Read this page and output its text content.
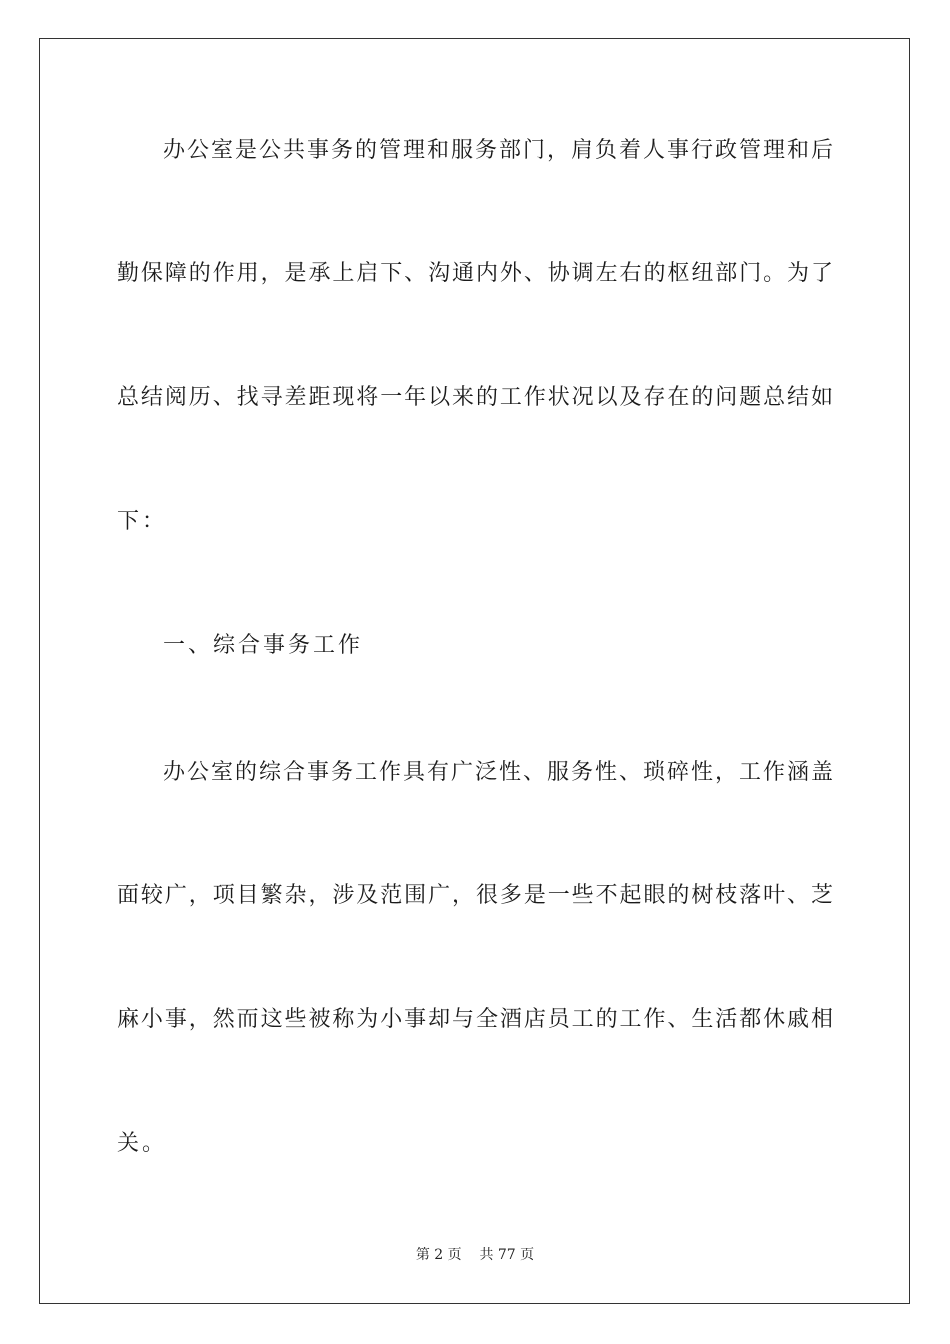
办公室是公共事务的管理和服务部门，肩负着人事行政管理和后
勤保障的作用，是承上启下、沟通内外、协调左右的枢纽部门。为了
总结阅历、找寻差距现将一年以来的工作状况以及存在的问题总结如
下：
一、综合事务工作
办公室的综合事务工作具有广泛性、服务性、琐碎性，工作涵盖
面较广，项目繁杂，涉及范围广，很多是一些不起眼的树枝落叶、芝
麻小事，然而这些被称为小事却与全酒店员工的工作、生活都休戚相
关。
第 2 页 共 77 页
